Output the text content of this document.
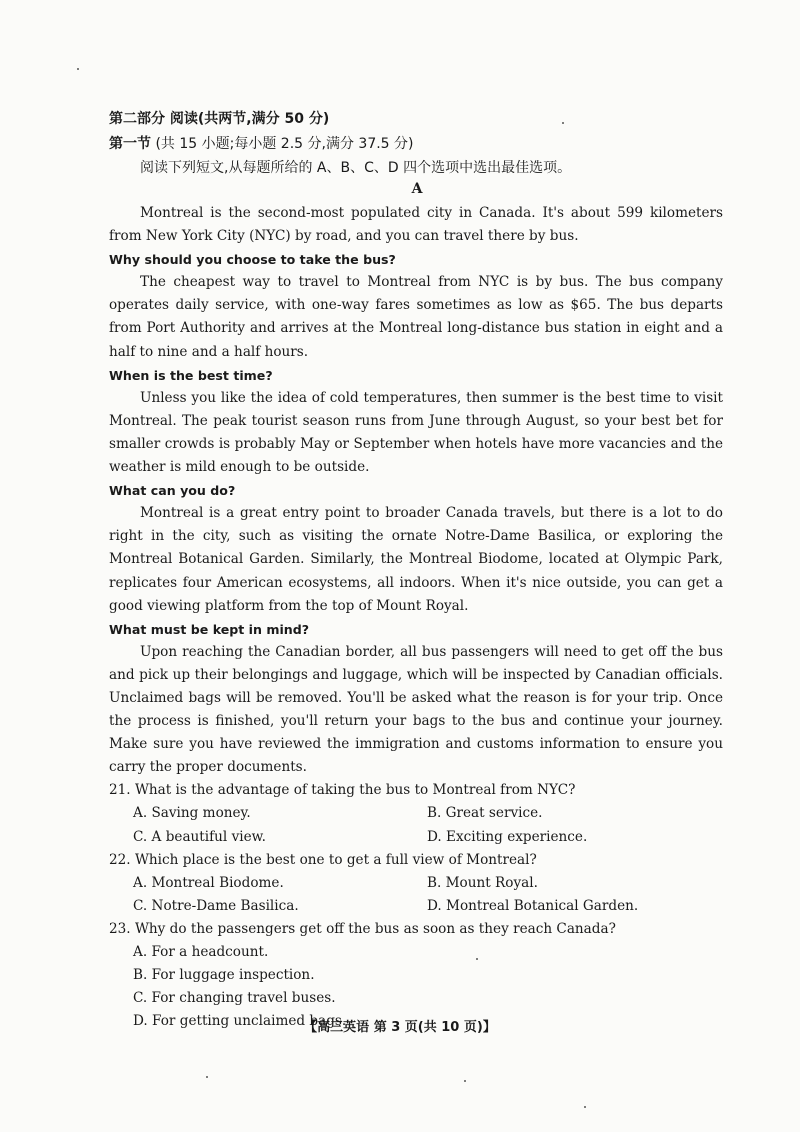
第二部分 阅读(共两节,满分 50 分)
第一节 (共 15 小题;每小题 2.5 分,满分 37.5 分)
阅读下列短文,从每题所给的 A、B、C、D 四个选项中选出最佳选项。
A

Montreal is the second-most populated city in Canada. It's about 599 kilometers from New York City (NYC) by road, and you can travel there by bus.

Why should you choose to take the bus?

The cheapest way to travel to Montreal from NYC is by bus. The bus company operates daily service, with one-way fares sometimes as low as $65. The bus departs from Port Authority and arrives at the Montreal long-distance bus station in eight and a half to nine and a half hours.

When is the best time?

Unless you like the idea of cold temperatures, then summer is the best time to visit Montreal. The peak tourist season runs from June through August, so your best bet for smaller crowds is probably May or September when hotels have more vacancies and the weather is mild enough to be outside.

What can you do?

Montreal is a great entry point to broader Canada travels, but there is a lot to do right in the city, such as visiting the ornate Notre-Dame Basilica, or exploring the Montreal Botanical Garden. Similarly, the Montreal Biodome, located at Olympic Park, replicates four American ecosystems, all indoors. When it's nice outside, you can get a good viewing platform from the top of Mount Royal.

What must be kept in mind?

Upon reaching the Canadian border, all bus passengers will need to get off the bus and pick up their belongings and luggage, which will be inspected by Canadian officials. Unclaimed bags will be removed. You'll be asked what the reason is for your trip. Once the process is finished, you'll return your bags to the bus and continue your journey. Make sure you have reviewed the immigration and customs information to ensure you carry the proper documents.

21. What is the advantage of taking the bus to Montreal from NYC?

A. Saving money.	B. Great service.
C. A beautiful view.	D. Exciting experience.

22. Which place is the best one to get a full view of Montreal?

A. Montreal Biodome.	B. Mount Royal.
C. Notre-Dame Basilica.	D. Montreal Botanical Garden.

23. Why do the passengers get off the bus as soon as they reach Canada?

A. For a headcount.
B. For luggage inspection.
C. For changing travel buses.
D. For getting unclaimed bags.
【高三英语 第 3 页(共 10 页)】
